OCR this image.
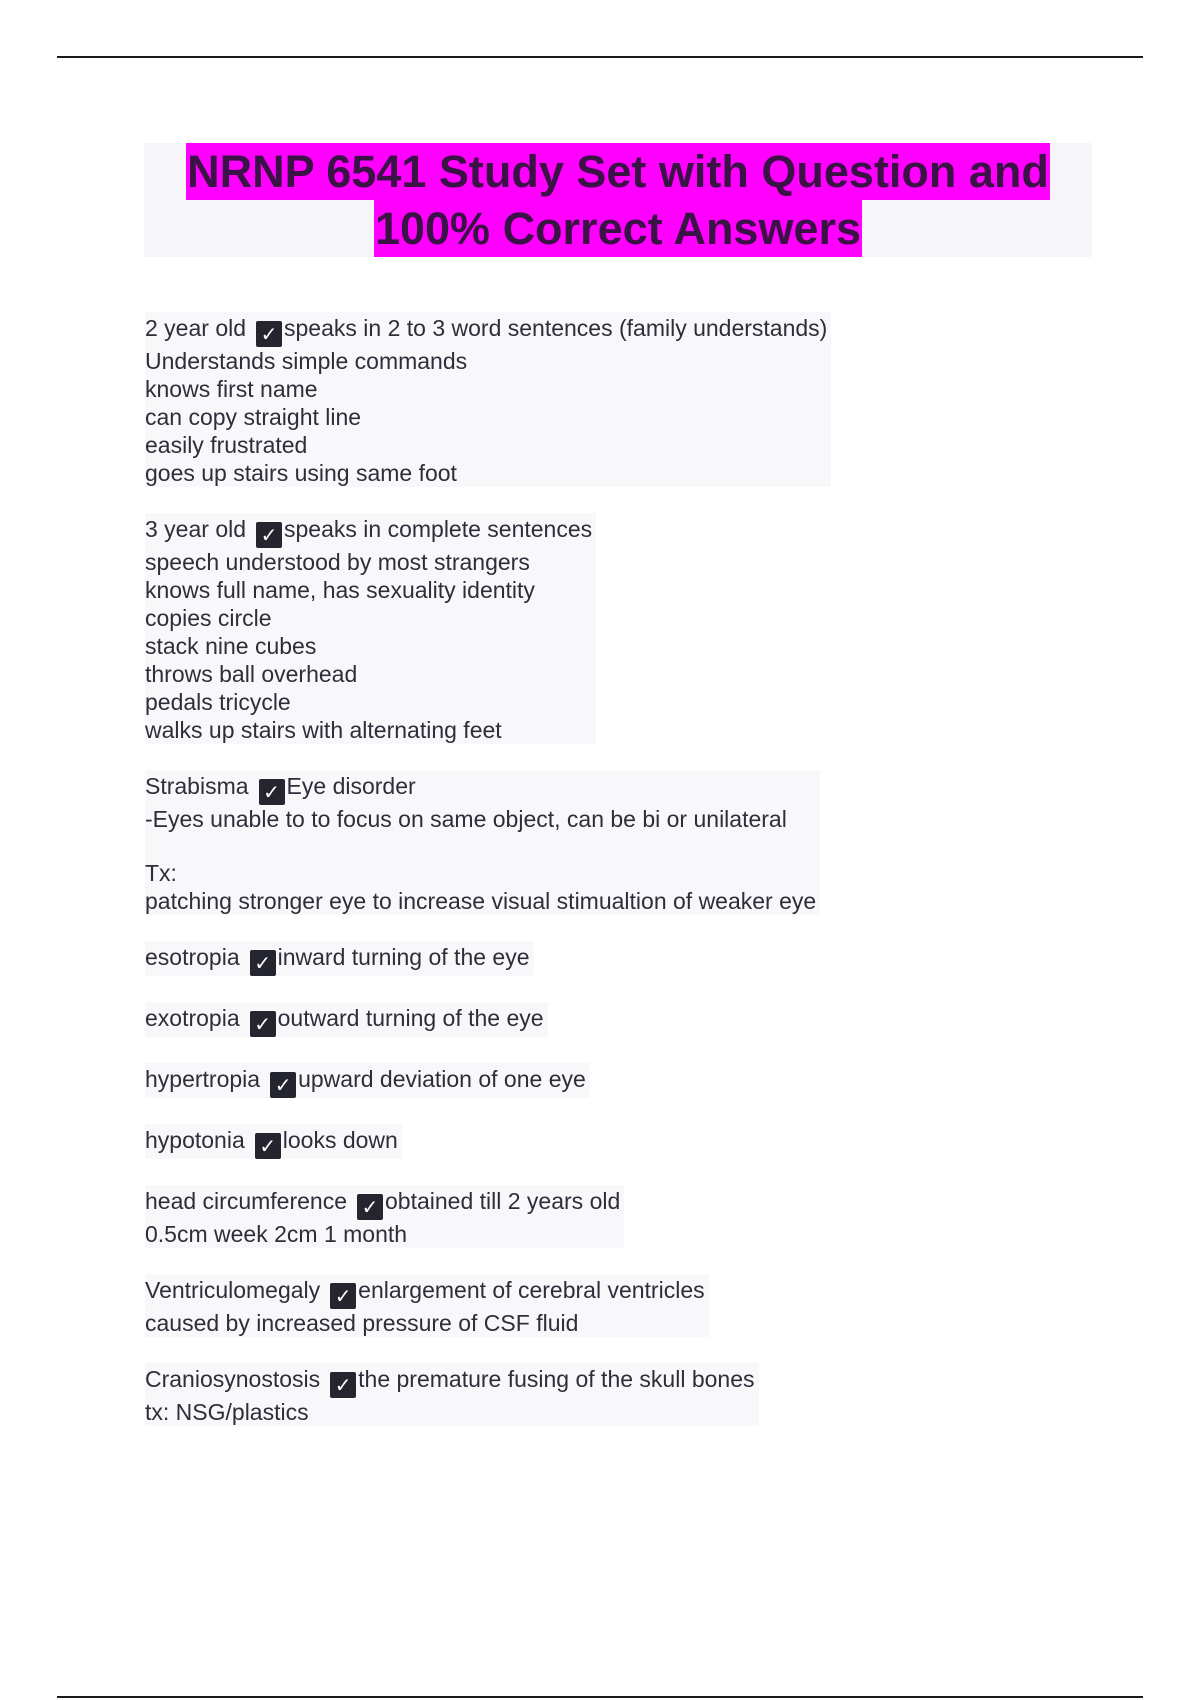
NRNP 6541 Study Set with Question and
100% Correct Answers
2 year old ✓ speaks in 2 to 3 word sentences (family understands)
Understands simple commands
knows first name
can copy straight line
easily frustrated
goes up stairs using same foot
3 year old ✓ speaks in complete sentences
speech understood by most strangers
knows full name, has sexuality identity
copies circle
stack nine cubes
throws ball overhead
pedals tricycle
walks up stairs with alternating feet
Strabisma ✓ Eye disorder
-Eyes unable to to focus on same object, can be bi or unilateral
Tx:
patching stronger eye to increase visual stimualtion of weaker eye
esotropia ✓ inward turning of the eye
exotropia ✓ outward turning of the eye
hypertropia ✓ upward deviation of one eye
hypotonia ✓ looks down
head circumference ✓ obtained till 2 years old
0.5cm week 2cm 1 month
Ventriculomegaly ✓ enlargement of cerebral ventricles
caused by increased pressure of CSF fluid
Craniosynostosis ✓ the premature fusing of the skull bones
tx: NSG/plastics
